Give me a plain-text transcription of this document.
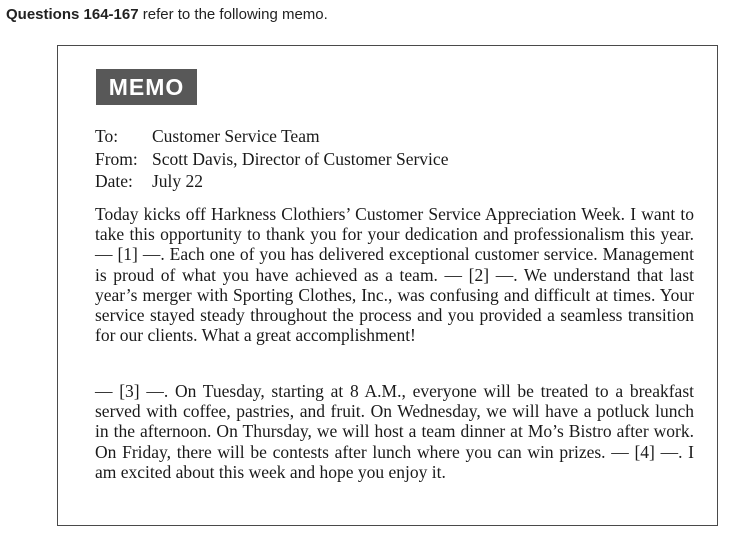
Questions 164-167 refer to the following memo.
MEMO
To: Customer Service Team
From: Scott Davis, Director of Customer Service
Date: July 22

Today kicks off Harkness Clothiers’ Customer Service Appreciation Week. I want to take this opportunity to thank you for your dedication and professionalism this year. — [1] —. Each one of you has delivered exceptional customer service. Management is proud of what you have achieved as a team. — [2] —. We understand that last year’s merger with Sporting Clothes, Inc., was confusing and difficult at times. Your service stayed steady throughout the process and you provided a seamless transition for our clients. What a great accomplishment!

— [3] —. On Tuesday, starting at 8 A.M., everyone will be treated to a breakfast served with coffee, pastries, and fruit. On Wednesday, we will have a potluck lunch in the afternoon. On Thursday, we will host a team dinner at Mo’s Bistro after work. On Friday, there will be contests after lunch where you can win prizes. — [4] —. I am excited about this week and hope you enjoy it.
